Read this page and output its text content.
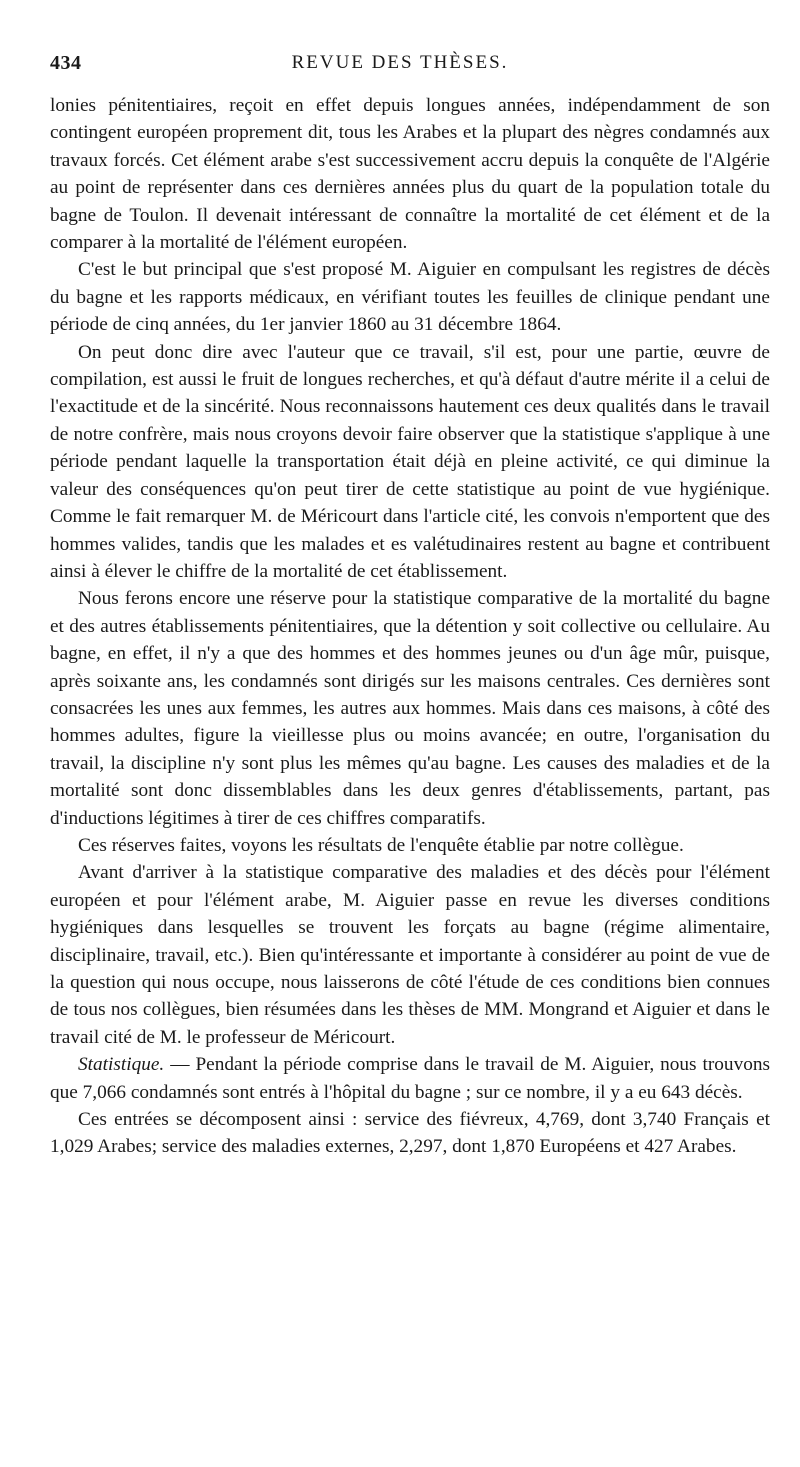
434	REVUE DES THÈSES.

lonies pénitentiaires, reçoit en effet depuis longues années, indépendamment de son contingent européen proprement dit, tous les Arabes et la plupart des nègres condamnés aux travaux forcés. Cet élément arabe s'est successivement accru depuis la conquête de l'Algérie au point de représenter dans ces dernières années plus du quart de la population totale du bagne de Toulon. Il devenait intéressant de connaître la mortalité de cet élément et de la comparer à la mortalité de l'élément européen.

C'est le but principal que s'est proposé M. Aiguier en compulsant les registres de décès du bagne et les rapports médicaux, en vérifiant toutes les feuilles de clinique pendant une période de cinq années, du 1er janvier 1860 au 31 décembre 1864.

On peut donc dire avec l'auteur que ce travail, s'il est, pour une partie, œuvre de compilation, est aussi le fruit de longues recherches, et qu'à défaut d'autre mérite il a celui de l'exactitude et de la sincérité. Nous reconnaissons hautement ces deux qualités dans le travail de notre confrère, mais nous croyons devoir faire observer que la statistique s'applique à une période pendant laquelle la transportation était déjà en pleine activité, ce qui diminue la valeur des conséquences qu'on peut tirer de cette statistique au point de vue hygiénique. Comme le fait remarquer M. de Méricourt dans l'article cité, les convois n'emportent que des hommes valides, tandis que les malades et es valétudinaires restent au bagne et contribuent ainsi à élever le chiffre de la mortalité de cet établissement.

Nous ferons encore une réserve pour la statistique comparative de la mortalité du bagne et des autres établissements pénitentiaires, que la détention y soit collective ou cellulaire. Au bagne, en effet, il n'y a que des hommes et des hommes jeunes ou d'un âge mûr, puisque, après soixante ans, les condamnés sont dirigés sur les maisons centrales. Ces dernières sont consacrées les unes aux femmes, les autres aux hommes. Mais dans ces maisons, à côté des hommes adultes, figure la vieillesse plus ou moins avancée; en outre, l'organisation du travail, la discipline n'y sont plus les mêmes qu'au bagne. Les causes des maladies et de la mortalité sont donc dissemblables dans les deux genres d'établissements, partant, pas d'inductions légitimes à tirer de ces chiffres comparatifs.

Ces réserves faites, voyons les résultats de l'enquête établie par notre collègue.

Avant d'arriver à la statistique comparative des maladies et des décès pour l'élément européen et pour l'élément arabe, M. Aiguier passe en revue les diverses conditions hygiéniques dans lesquelles se trouvent les forçats au bagne (régime alimentaire, disciplinaire, travail, etc.). Bien qu'intéressante et importante à considérer au point de vue de la question qui nous occupe, nous laisserons de côté l'étude de ces conditions bien connues de tous nos collègues, bien résumées dans les thèses de MM. Mongrand et Aiguier et dans le travail cité de M. le professeur de Méricourt.

Statistique. — Pendant la période comprise dans le travail de M. Aiguier, nous trouvons que 7,066 condamnés sont entrés à l'hôpital du bagne ; sur ce nombre, il y a eu 643 décès.

Ces entrées se décomposent ainsi : service des fiévreux, 4,769, dont 3,740 Français et 1,029 Arabes; service des maladies externes, 2,297, dont 1,870 Européens et 427 Arabes.
